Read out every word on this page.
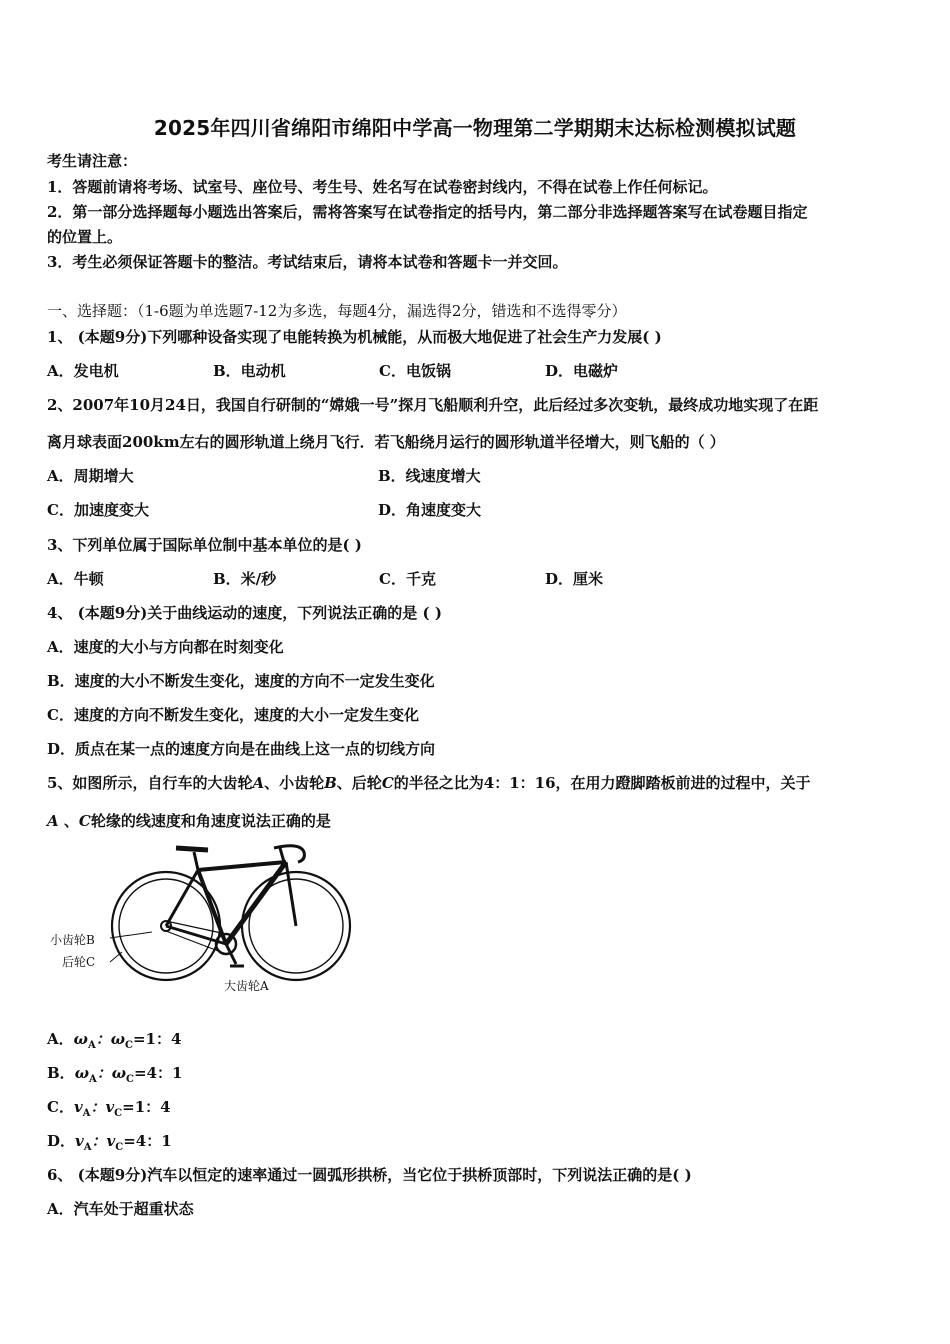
2025年四川省绵阳市绵阳中学高一物理第二学期期末达标检测模拟试题
考生请注意：
1．答题前请将考场、试室号、座位号、考生号、姓名写在试卷密封线内，不得在试卷上作任何标记。
2．第一部分选择题每小题选出答案后，需将答案写在试卷指定的括号内，第二部分非选择题答案写在试卷题目指定
的位置上。
3．考生必须保证答题卡的整洁。考试结束后，请将本试卷和答题卡一并交回。
一、选择题：（1-6题为单选题7-12为多选，每题4分，漏选得2分，错选和不选得零分）
1、 (本题9分)下列哪种设备实现了电能转换为机械能，从而极大地促进了社会生产力发展( )
A．发电机	B．电动机	C．电饭锅	D．电磁炉
2、2007年10月24日，我国自行研制的“嫦娥一号”探月飞船顺利升空，此后经过多次变轨，最终成功地实现了在距
离月球表面200km左右的圆形轨道上绕月飞行．若飞船绕月运行的圆形轨道半径增大，则飞船的（ ）
A．周期增大	B．线速度增大
C．加速度变大	D．角速度变大
3、下列单位属于国际单位制中基本单位的是( )
A．牛顿	B．米/秒	C．千克	D．厘米
4、 (本题9分)关于曲线运动的速度，下列说法正确的是 ( )
A．速度的大小与方向都在时刻变化
B．速度的大小不断发生变化，速度的方向不一定发生变化
C．速度的方向不断发生变化，速度的大小一定发生变化
D．质点在某一点的速度方向是在曲线上这一点的切线方向
5、如图所示，自行车的大齿轮A、小齿轮B、后轮C的半径之比为4：1：16，在用力蹬脚踏板前进的过程中，关于
A 、C轮缘的线速度和角速度说法正确的是
小齿轮B
后轮C
大齿轮A
A．$\omega_A$：$\omega_C=1$：4
B．$\omega_A$：$\omega_C=4$：1
C．$v_A$：$v_C=1$：4
D．$v_A$：$v_C=4$：1
6、 (本题9分)汽车以恒定的速率通过一圆弧形拱桥，当它位于拱桥顶部时，下列说法正确的是( )
A．汽车处于超重状态
